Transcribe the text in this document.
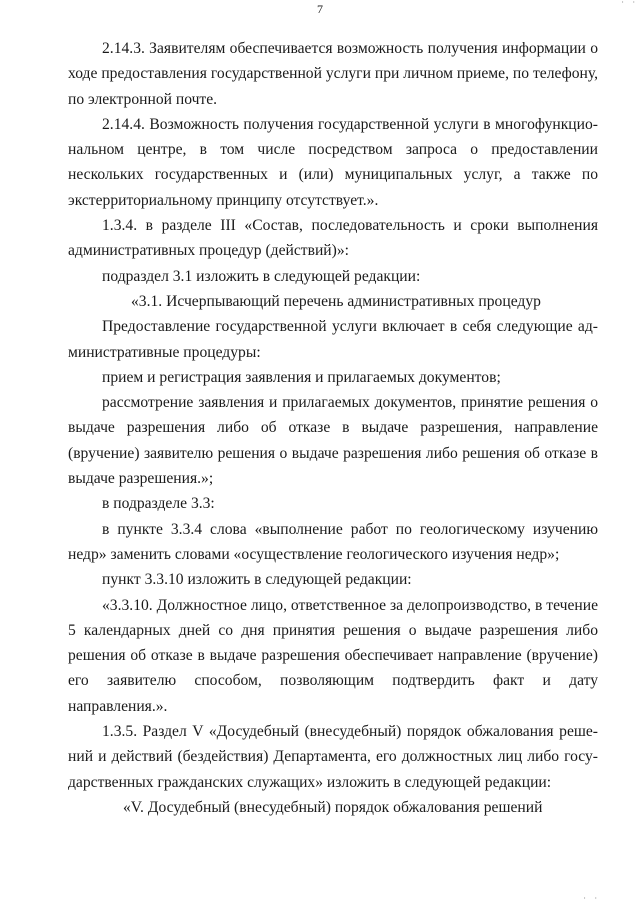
· ·
7

2.14.3. Заявителям обеспечивается возможность получения информации о ходе предоставления государственной услуги при личном приеме, по телефону, по электронной почте.

2.14.4. Возможность получения государственной услуги в многофункциональном центре, в том числе посредством запроса о предоставлении нескольких государственных и (или) муниципальных услуг, а также по экстерриториальному принципу отсутствует.».

1.3.4. в разделе III «Состав, последовательность и сроки выполнения административных процедур (действий)»:

подраздел 3.1 изложить в следующей редакции:

«3.1. Исчерпывающий перечень административных процедур

Предоставление государственной услуги включает в себя следующие административные процедуры:

прием и регистрация заявления и прилагаемых документов;

рассмотрение заявления и прилагаемых документов, принятие решения о выдаче разрешения либо об отказе в выдаче разрешения, направление (вручение) заявителю решения о выдаче разрешения либо решения об отказе в выдаче разрешения.»;

в подразделе 3.3:

в пункте 3.3.4 слова «выполнение работ по геологическому изучению недр» заменить словами «осуществление геологического изучения недр»;

пункт 3.3.10 изложить в следующей редакции:

«3.3.10. Должностное лицо, ответственное за делопроизводство, в течение 5 календарных дней со дня принятия решения о выдаче разрешения либо решения об отказе в выдаче разрешения обеспечивает направление (вручение) его заявителю способом, позволяющим подтвердить факт и дату направления.».

1.3.5. Раздел V «Досудебный (внесудебный) порядок обжалования решений и действий (бездействия) Департамента, его должностных лиц либо государственных гражданских служащих» изложить в следующей редакции:

«V. Досудебный (внесудебный) порядок обжалования решений

· ·
